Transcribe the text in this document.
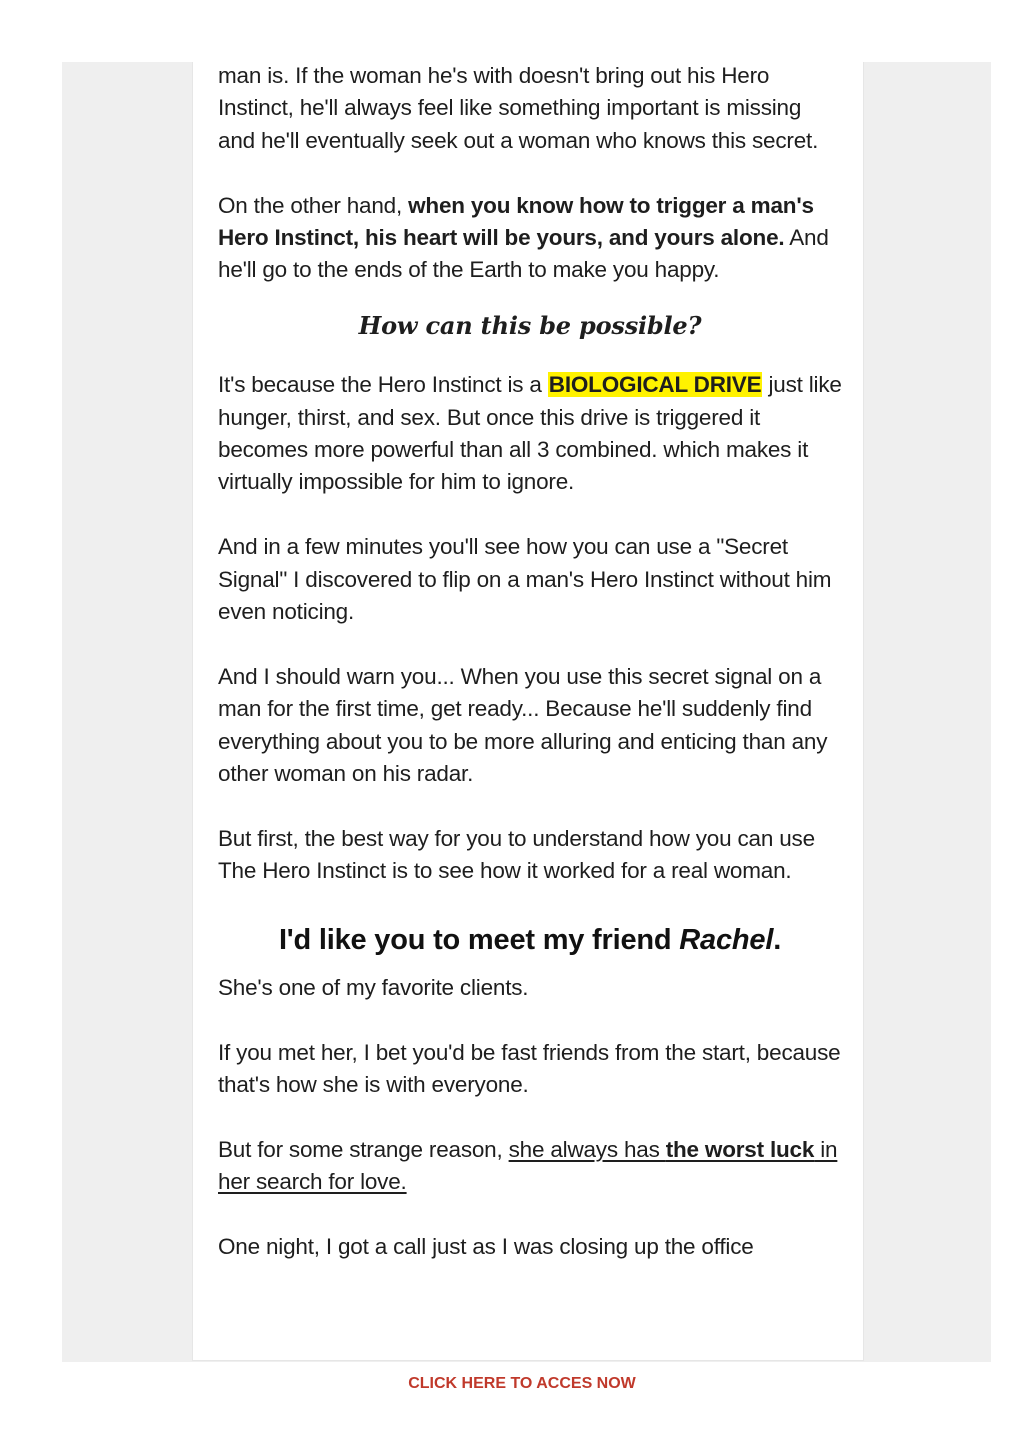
man is. If the woman he's with doesn't bring out his Hero Instinct, he'll always feel like something important is missing and he'll eventually seek out a woman who knows this secret.

On the other hand, when you know how to trigger a man's Hero Instinct, his heart will be yours, and yours alone. And he'll go to the ends of the Earth to make you happy.

How can this be possible?

It's because the Hero Instinct is a BIOLOGICAL DRIVE just like hunger, thirst, and sex. But once this drive is triggered it becomes more powerful than all 3 combined. which makes it virtually impossible for him to ignore.

And in a few minutes you'll see how you can use a "Secret Signal" I discovered to flip on a man's Hero Instinct without him even noticing.

And I should warn you... When you use this secret signal on a man for the first time, get ready... Because he'll suddenly find everything about you to be more alluring and enticing than any other woman on his radar.

But first, the best way for you to understand how you can use The Hero Instinct is to see how it worked for a real woman.

I'd like you to meet my friend Rachel.

She's one of my favorite clients.

If you met her, I bet you'd be fast friends from the start, because that's how she is with everyone.

But for some strange reason, she always has the worst luck in her search for love.

One night, I got a call just as I was closing up the office

CLICK HERE TO ACCES NOW
